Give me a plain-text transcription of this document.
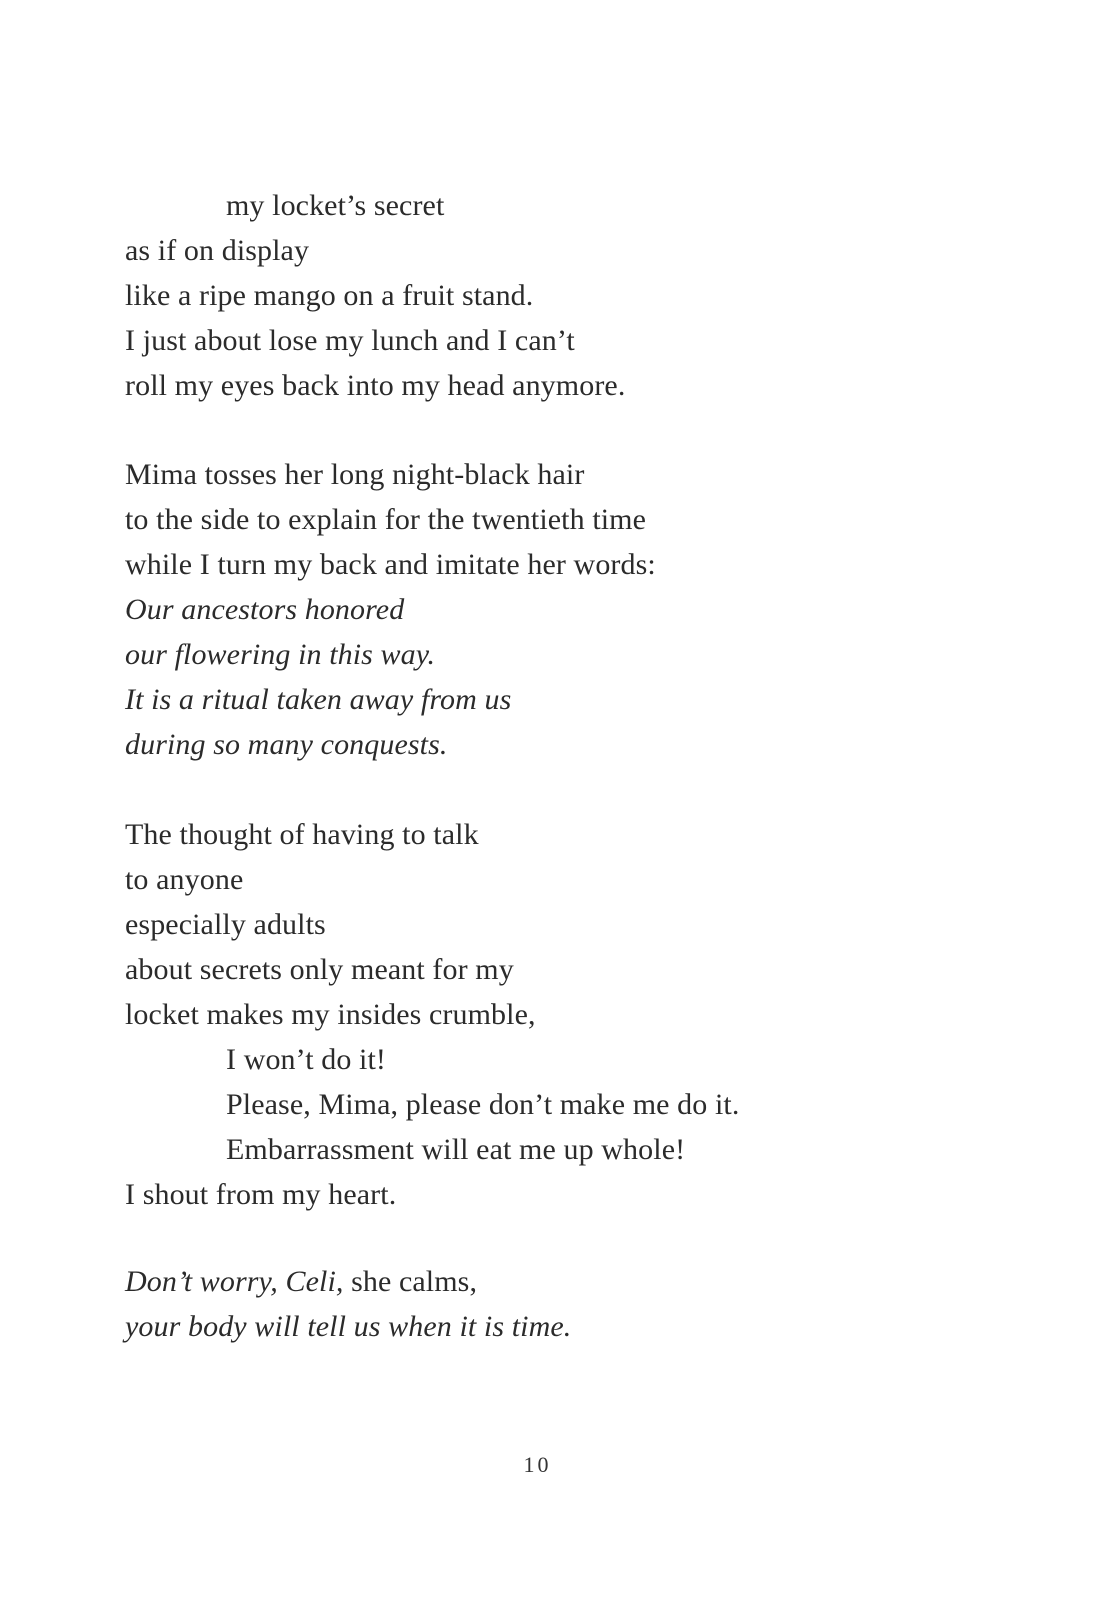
my locket’s secret
as if on display
like a ripe mango on a fruit stand.
I just about lose my lunch and I can’t
roll my eyes back into my head anymore.
Mima tosses her long night-black hair
to the side to explain for the twentieth time
while I turn my back and imitate her words:
Our ancestors honored
our flowering in this way.
It is a ritual taken away from us
during so many conquests.
The thought of having to talk
to anyone
especially adults
about secrets only meant for my
locket makes my insides crumble,
I won’t do it!
Please, Mima, please don’t make me do it.
Embarrassment will eat me up whole!
I shout from my heart.
Don’t worry, Celi, she calms,
your body will tell us when it is time.
10
